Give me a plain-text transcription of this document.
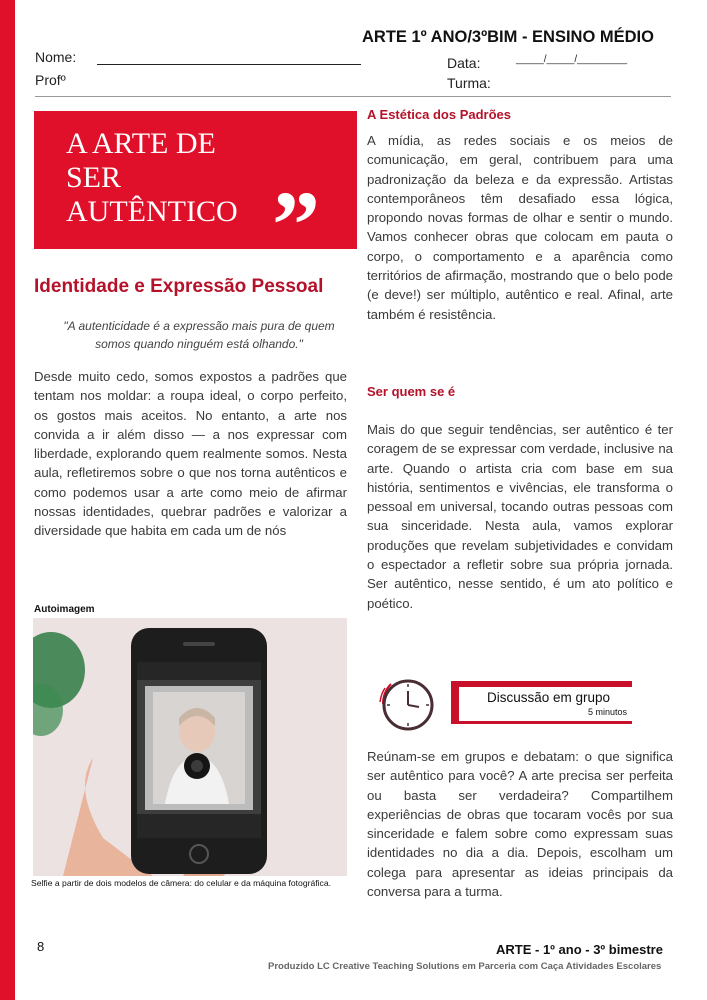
ARTE 1º ANO/3ºBIM - ENSINO MÉDIO
Nome:	Data:	_____/_____/_________
Profº	Turma:
A ARTE DE
SER
AUTÊNTICO ”
Identidade e Expressão Pessoal
"A autenticidade é a expressão mais pura de quem somos quando ninguém está olhando."
Desde muito cedo, somos expostos a padrões que tentam nos moldar: a roupa ideal, o corpo perfeito, os gostos mais aceitos. No entanto, a arte nos convida a ir além disso — a nos expressar com liberdade, explorando quem realmente somos. Nesta aula, refletiremos sobre o que nos torna autênticos e como podemos usar a arte como meio de afirmar nossas identidades, quebrar padrões e valorizar a diversidade que habita em cada um de nós
Autoimagem
Selfie a partir de dois modelos de câmera: do celular e da máquina fotográfica.
A Estética dos Padrões
A mídia, as redes sociais e os meios de comunicação, em geral, contribuem para uma padronização da beleza e da expressão. Artistas contemporâneos têm desafiado essa lógica, propondo novas formas de olhar e sentir o mundo. Vamos conhecer obras que colocam em pauta o corpo, o comportamento e a aparência como territórios de afirmação, mostrando que o belo pode (e deve!) ser múltiplo, autêntico e real. Afinal, arte também é resistência.
Ser quem se é
Mais do que seguir tendências, ser autêntico é ter coragem de se expressar com verdade, inclusive na arte. Quando o artista cria com base em sua história, sentimentos e vivências, ele transforma o pessoal em universal, tocando outras pessoas com sua sinceridade. Nesta aula, vamos explorar produções que revelam subjetividades e convidam o espectador a refletir sobre sua própria jornada. Ser autêntico, nesse sentido, é um ato político e poético.
Discussão em grupo
5 minutos
Reúnam-se em grupos e debatam: o que significa ser autêntico para você? A arte precisa ser perfeita ou basta ser verdadeira? Compartilhem experiências de obras que tocaram vocês por sua sinceridade e falem sobre como expressam suas identidades no dia a dia. Depois, escolham um colega para apresentar as ideias principais da conversa para a turma.
8	ARTE - 1º ano - 3º bimestre
Produzido LC Creative Teaching Solutions em Parceria com Caça Atividades Escolares
